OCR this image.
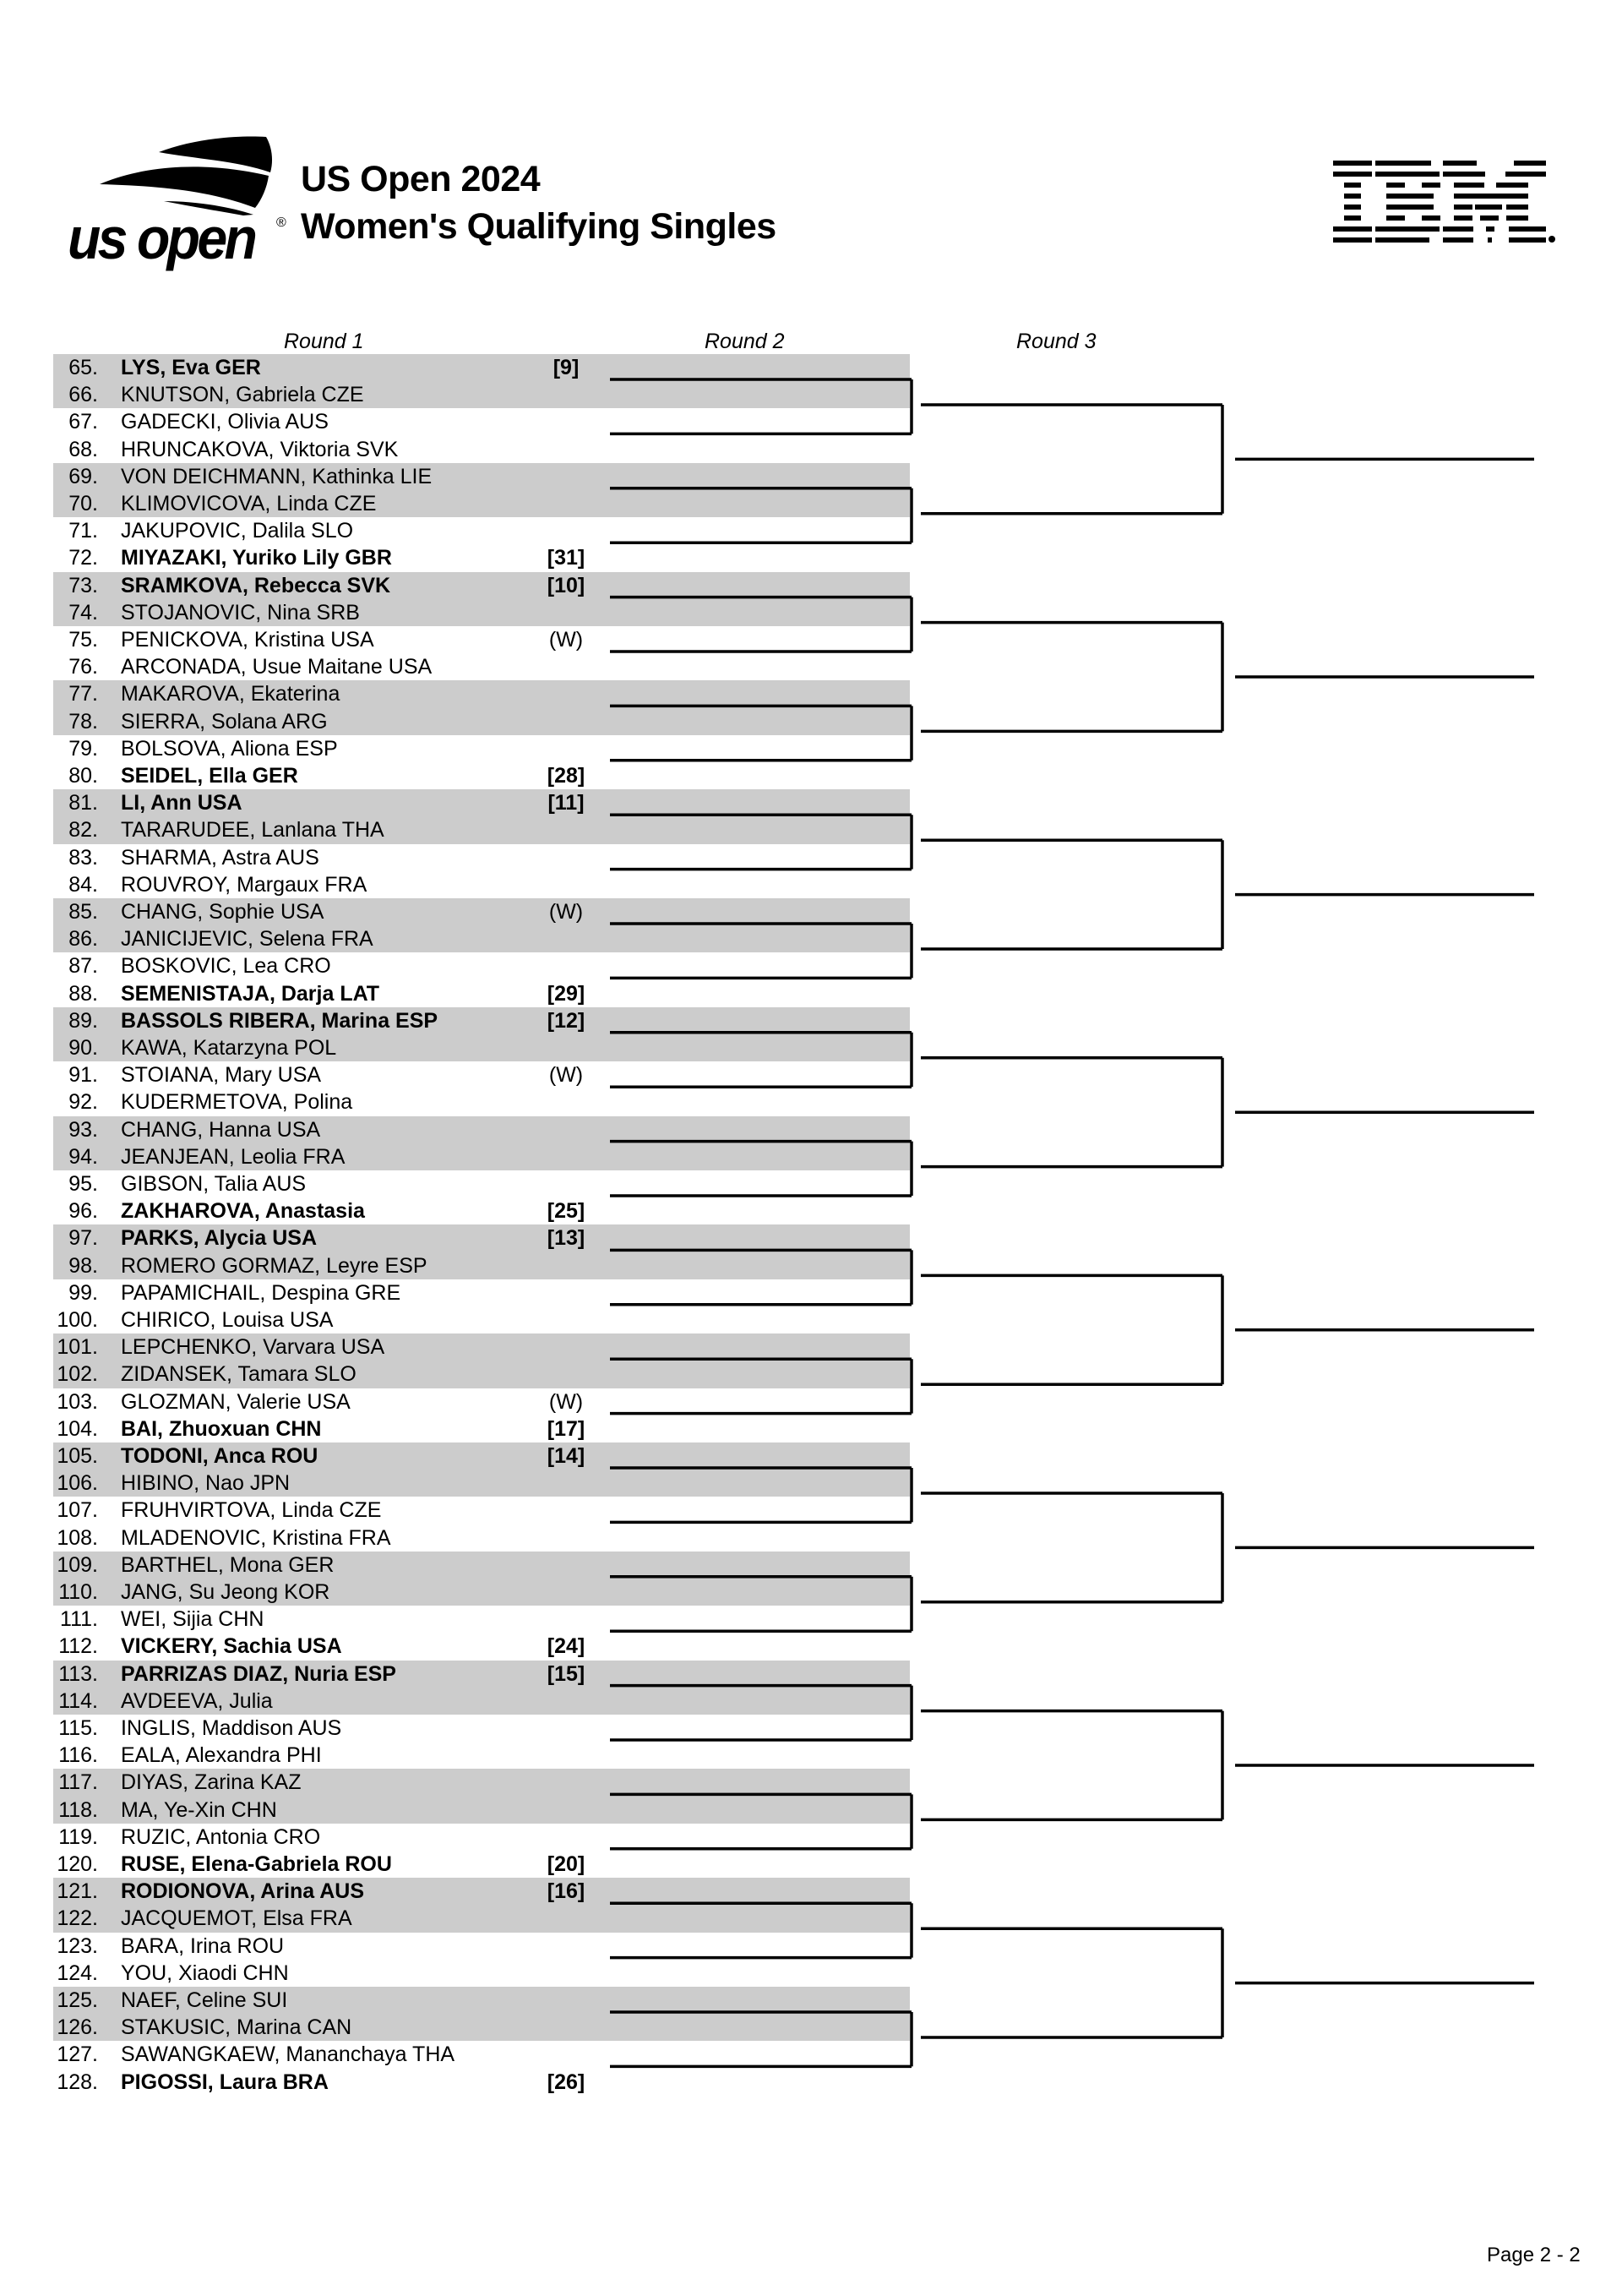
us open ®
US Open 2024
Women's Qualifying Singles
Round 1	Round 2	Round 3
65. LYS, Eva GER	[9]
66. KNUTSON, Gabriela CZE
67. GADECKI, Olivia AUS
68. HRUNCAKOVA, Viktoria SVK
69. VON DEICHMANN, Kathinka LIE
70. KLIMOVICOVA, Linda CZE
71. JAKUPOVIC, Dalila SLO
72. MIYAZAKI, Yuriko Lily GBR	[31]
73. SRAMKOVA, Rebecca SVK	[10]
74. STOJANOVIC, Nina SRB
75. PENICKOVA, Kristina USA	(W)
76. ARCONADA, Usue Maitane USA
77. MAKAROVA, Ekaterina
78. SIERRA, Solana ARG
79. BOLSOVA, Aliona ESP
80. SEIDEL, Ella GER	[28]
81. LI, Ann USA	[11]
82. TARARUDEE, Lanlana THA
83. SHARMA, Astra AUS
84. ROUVROY, Margaux FRA
85. CHANG, Sophie USA	(W)
86. JANICIJEVIC, Selena FRA
87. BOSKOVIC, Lea CRO
88. SEMENISTAJA, Darja LAT	[29]
89. BASSOLS RIBERA, Marina ESP	[12]
90. KAWA, Katarzyna POL
91. STOIANA, Mary USA	(W)
92. KUDERMETOVA, Polina
93. CHANG, Hanna USA
94. JEANJEAN, Leolia FRA
95. GIBSON, Talia AUS
96. ZAKHAROVA, Anastasia	[25]
97. PARKS, Alycia USA	[13]
98. ROMERO GORMAZ, Leyre ESP
99. PAPAMICHAIL, Despina GRE
100. CHIRICO, Louisa USA
101. LEPCHENKO, Varvara USA
102. ZIDANSEK, Tamara SLO
103. GLOZMAN, Valerie USA	(W)
104. BAI, Zhuoxuan CHN	[17]
105. TODONI, Anca ROU	[14]
106. HIBINO, Nao JPN
107. FRUHVIRTOVA, Linda CZE
108. MLADENOVIC, Kristina FRA
109. BARTHEL, Mona GER
110. JANG, Su Jeong KOR
111. WEI, Sijia CHN
112. VICKERY, Sachia USA	[24]
113. PARRIZAS DIAZ, Nuria ESP	[15]
114. AVDEEVA, Julia
115. INGLIS, Maddison AUS
116. EALA, Alexandra PHI
117. DIYAS, Zarina KAZ
118. MA, Ye-Xin CHN
119. RUZIC, Antonia CRO
120. RUSE, Elena-Gabriela ROU	[20]
121. RODIONOVA, Arina AUS	[16]
122. JACQUEMOT, Elsa FRA
123. BARA, Irina ROU
124. YOU, Xiaodi CHN
125. NAEF, Celine SUI
126. STAKUSIC, Marina CAN
127. SAWANGKAEW, Mananchaya THA
128. PIGOSSI, Laura BRA	[26]
Page 2 - 2
